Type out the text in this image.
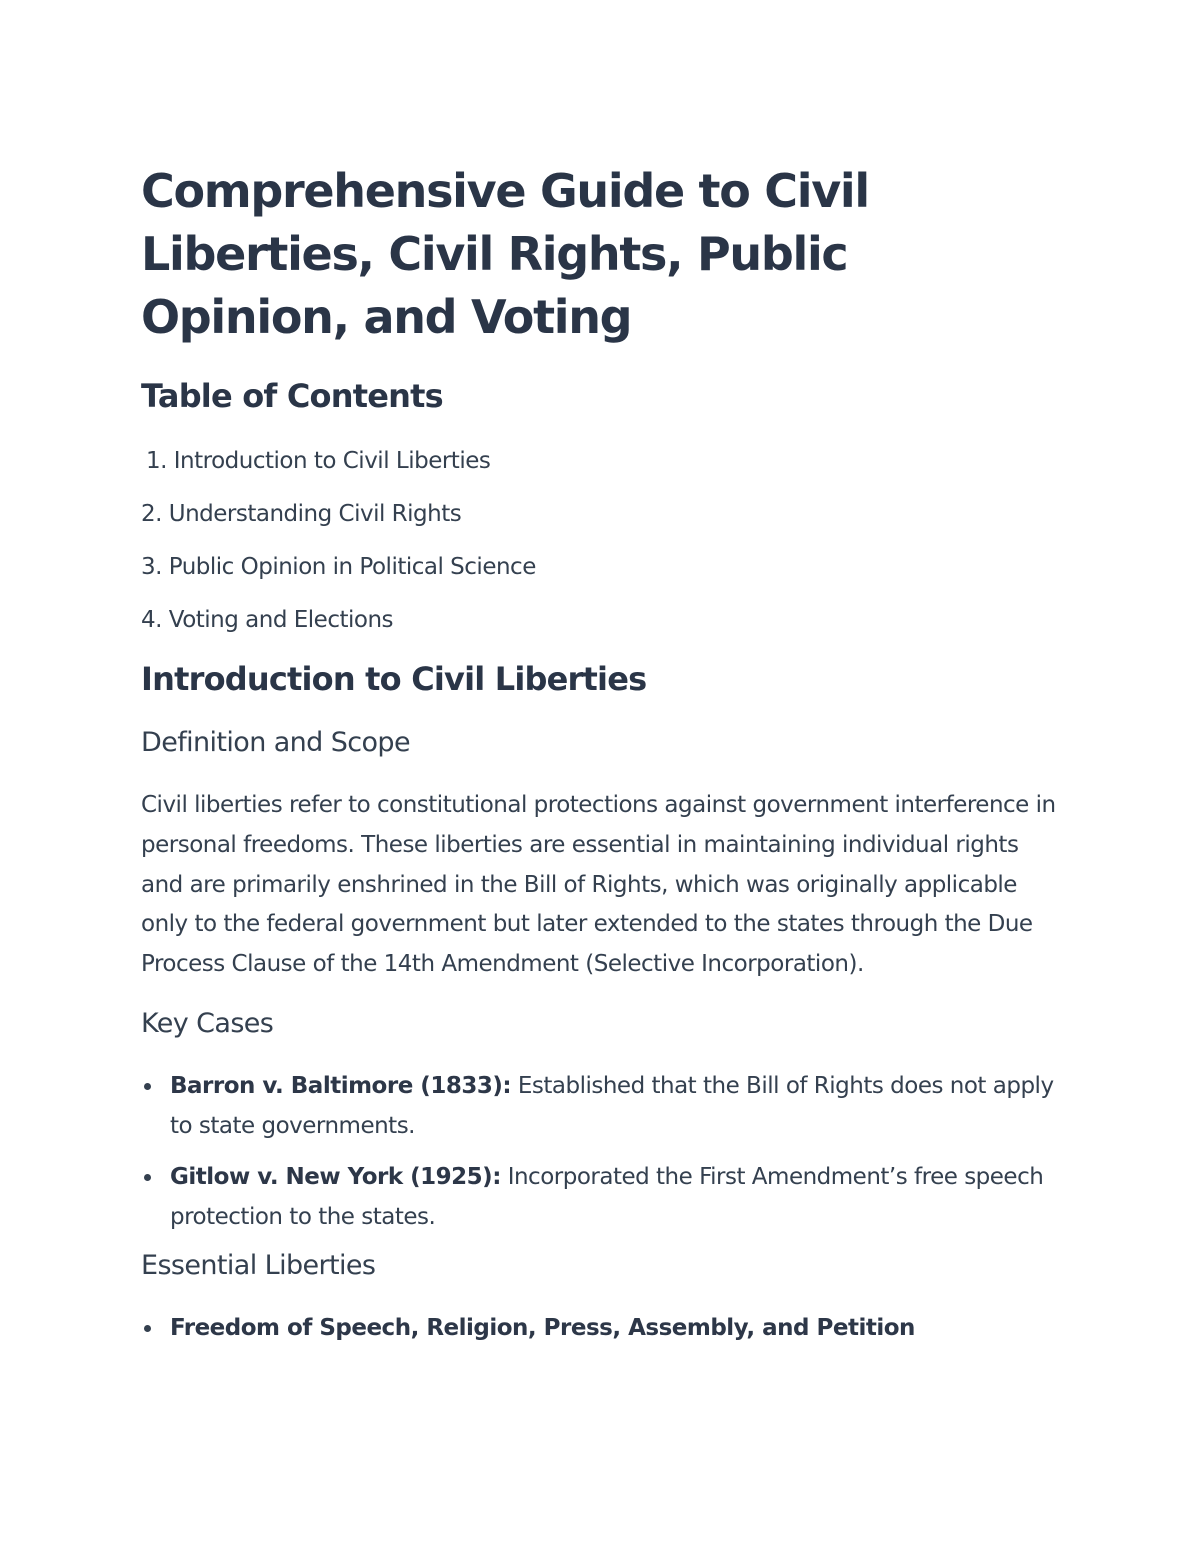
Comprehensive Guide to Civil Liberties, Civil Rights, Public Opinion, and Voting
Table of Contents
1. Introduction to Civil Liberties
2. Understanding Civil Rights
3. Public Opinion in Political Science
4. Voting and Elections
Introduction to Civil Liberties
Definition and Scope

Civil liberties refer to constitutional protections against government interference in personal freedoms. These liberties are essential in maintaining individual rights and are primarily enshrined in the Bill of Rights, which was originally applicable only to the federal government but later extended to the states through the Due Process Clause of the 14th Amendment (Selective Incorporation).

Key Cases
Barron v. Baltimore (1833): Established that the Bill of Rights does not apply to state governments.
Gitlow v. New York (1925): Incorporated the First Amendment’s free speech protection to the states.
Essential Liberties
Freedom of Speech, Religion, Press, Assembly, and Petition
